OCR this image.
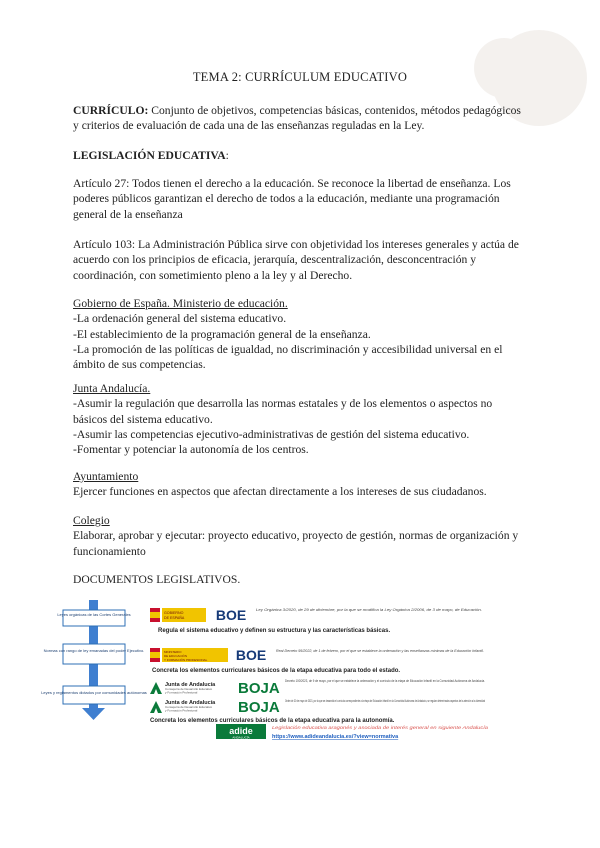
TEMA 2: CURRÍCULUM EDUCATIVO
CURRÍCULO: Conjunto de objetivos, competencias básicas, contenidos, métodos pedagógicos y criterios de evaluación de cada una de las enseñanzas reguladas en la Ley.
LEGISLACIÓN EDUCATIVA:
Artículo 27: Todos tienen el derecho a la educación. Se reconoce la libertad de enseñanza. Los poderes públicos garantizan el derecho de todos a la educación, mediante una programación general de la enseñanza
Artículo 103: La Administración Pública sirve con objetividad los intereses generales y actúa de acuerdo con los principios de eficacia, jerarquía, descentralización, desconcentración y coordinación, con sometimiento pleno a la ley y al Derecho.
Gobierno de España. Ministerio de educación.
-La ordenación general del sistema educativo.
-El establecimiento de la programación general de la enseñanza.
-La promoción de las políticas de igualdad, no discriminación y accesibilidad universal en el ámbito de sus competencias.
Junta Andalucía.
-Asumir la regulación que desarrolla las normas estatales y de los elementos o aspectos no básicos del sistema educativo.
-Asumir las competencias ejecutivo-administrativas de gestión del sistema educativo.
-Fomentar y potenciar la autonomía de los centros.
Ayuntamiento
Ejercer funciones en aspectos que afectan directamente a los intereses de sus ciudadanos.
Colegio
Elaborar, aprobar y ejecutar: proyecto educativo, proyecto de gestión, normas de organización y funcionamiento
DOCUMENTOS LEGISLATIVOS.
Leyes orgánicas de las Cortes Generales
Normas con rango de ley emanadas del poder Ejecutivo.
Leyes y reglamentos dictados por comunidades autónomas
GOBIERNO
DE ESPAÑA BOE	Ley Orgánica 3/2020, de 29 de diciembre, por la que se modifica la Ley Orgánica 2/2006, de 3 de mayo, de Educación.
Regula el sistema educativo y definen su estructura y las características básicas.
MINISTERIO
DE EDUCACIÓN
Y FORMACIÓN PROFESIONAL BOE	Real Decreto 95/2022, de 1 de febrero, por el que se establece la ordenación y las enseñanzas mínimas de la Educación Infantil.
Concreta los elementos curriculares básicos de la etapa educativa para todo el estado.
Junta de Andalucía
Consejería de Desarrollo Educativo
y Formación Profesional	BOJA Decreto 100/2023, de 9 de mayo, por el que se establece la ordenación y el currículo de la etapa de Educación Infantil en la Comunidad Autónoma de Andalucía.
Junta de Andalucía
Consejería de Desarrollo Educativo
y Formación Profesional	BOJA Orden de 30 de mayo de 2023, por la que se desarrolla el currículo correspondiente a la etapa de Educación Infantil en la Comunidad Autónoma de Andalucía, se regulan determinados aspectos de la atención a la diversidad
Concreta los elementos curriculares básicos de la etapa educativa para la autonomía.
adide
ANDALUCÍA
Legislación educativa aragonés y asociada de interés general en siguiente Andalucía
https://www.adideandalucia.es/?view=normativa
